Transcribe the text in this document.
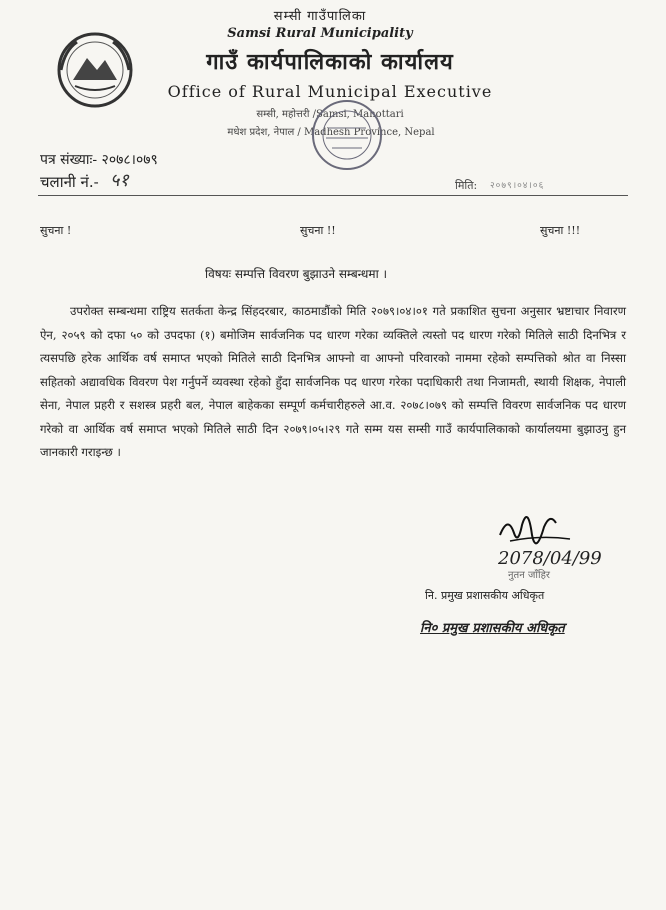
सम्सी गाउँपालिका
Samsi Rural Municipality
गाउँ कार्यपालिकाको कार्यालय
Office of Rural Municipal Executive
सम्सी, महोत्तरी /Samsi, Mahottari
मधेश प्रदेश, नेपाल / Madhesh Province, Nepal
पत्र संख्याः- २०७८।०७९
चलानी नं.- ५१	मिति: २०७९।०४।०६
सुचना !	सुचना !!	सुचना !!!
विषयः सम्पत्ति विवरण बुझाउने सम्बन्धमा ।
उपरोक्त सम्बन्धमा राष्ट्रिय सतर्कता केन्द्र सिंहदरबार, काठमाडौंको मिति २०७९।०४।०१ गते प्रकाशित सुचना अनुसार भ्रष्टाचार निवारण ऐन, २०५९ को दफा ५० को उपदफा (१) बमोजिम सार्वजनिक पद धारण गरेका व्यक्तिले त्यस्तो पद धारण गरेको मितिले साठी दिनभित्र र त्यसपछि हरेक आर्थिक वर्ष समाप्त भएको मितिले साठी दिनभित्र आफ्नो वा आफ्नो परिवारको नाममा रहेको सम्पत्तिको श्रोत वा निस्सा सहितको अद्यावधिक विवरण पेश गर्नुपर्ने व्यवस्था रहेको हुँदा सार्वजनिक पद धारण गरेका पदाधिकारी तथा निजामती, स्थायी शिक्षक, नेपाली सेना, नेपाल प्रहरी र सशस्त्र प्रहरी बल, नेपाल बाहेकका सम्पूर्ण कर्मचारीहरुले आ.व. २०७८।०७९ को सम्पत्ति विवरण सार्वजनिक पद धारण गरेको वा आर्थिक वर्ष समाप्त भएको मितिले साठी दिन २०७९।०५।२९ गते सम्म यस सम्सी गाउँ कार्यपालिकाको कार्यालयमा बुझाउनु हुन जानकारी गराइन्छ ।
2078/04/99
नुतन जाँहिर
नि. प्रमुख प्रशासकीय अधिकृत
नि० प्रमुख प्रशासकीय अधिकृत
